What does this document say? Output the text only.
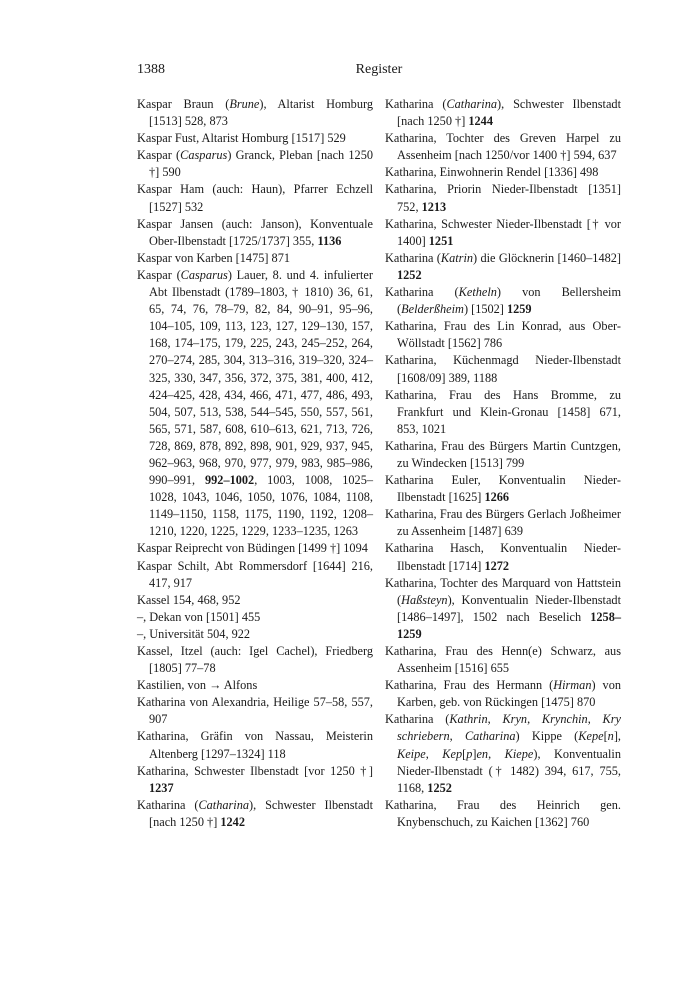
1388	Register
Kaspar Braun (Brune), Altarist Homburg [1513] 528, 873
Kaspar Fust, Altarist Homburg [1517] 529
Kaspar (Casparus) Granck, Pleban [nach 1250 †] 590
Kaspar Ham (auch: Haun), Pfarrer Echzell [1527] 532
Kaspar Jansen (auch: Janson), Konventuale Ober-Ilbenstadt [1725/1737] 355, 1136
Kaspar von Karben [1475] 871
Kaspar (Casparus) Lauer, 8. und 4. infulierter Abt Ilbenstadt (1789–1803, † 1810) 36, 61, 65, 74, 76, 78–79, 82, 84, 90–91, 95–96, 104–105, 109, 113, 123, 127, 129–130, 157, 168, 174–175, 179, 225, 243, 245–252, 264, 270–274, 285, 304, 313–316, 319–320, 324–325, 330, 347, 356, 372, 375, 381, 400, 412, 424–425, 428, 434, 466, 471, 477, 486, 493, 504, 507, 513, 538, 544–545, 550, 557, 561, 565, 571, 587, 608, 610–613, 621, 713, 726, 728, 869, 878, 892, 898, 901, 929, 937, 945, 962–963, 968, 970, 977, 979, 983, 985–986, 990–991, 992–1002, 1003, 1008, 1025–1028, 1043, 1046, 1050, 1076, 1084, 1108, 1149–1150, 1158, 1175, 1190, 1192, 1208–1210, 1220, 1225, 1229, 1233–1235, 1263
Kaspar Reiprecht von Büdingen [1499 †] 1094
Kaspar Schilt, Abt Rommersdorf [1644] 216, 417, 917
Kassel 154, 468, 952
–, Dekan von [1501] 455
–, Universität 504, 922
Kassel, Itzel (auch: Igel Cachel), Friedberg [1805] 77–78
Kastilien, von → Alfons
Katharina von Alexandria, Heilige 57–58, 557, 907
Katharina, Gräfin von Nassau, Meisterin Altenberg [1297–1324] 118
Katharina, Schwester Ilbenstadt [vor 1250 †] 1237
Katharina (Catharina), Schwester Ilbenstadt [nach 1250 †] 1242
Katharina (Catharina), Schwester Ilbenstadt [nach 1250 †] 1244
Katharina, Tochter des Greven Harpel zu Assenheim [nach 1250/vor 1400 †] 594, 637
Katharina, Einwohnerin Rendel [1336] 498
Katharina, Priorin Nieder-Ilbenstadt [1351] 752, 1213
Katharina, Schwester Nieder-Ilbenstadt [† vor 1400] 1251
Katharina (Katrin) die Glöcknerin [1460–1482] 1252
Katharina (Ketheln) von Bellersheim (Belderßheim) [1502] 1259
Katharina, Frau des Lin Konrad, aus Ober-Wöllstadt [1562] 786
Katharina, Küchenmagd Nieder-Ilbenstadt [1608/09] 389, 1188
Katharina, Frau des Hans Bromme, zu Frankfurt und Klein-Gronau [1458] 671, 853, 1021
Katharina, Frau des Bürgers Martin Cuntzgen, zu Windecken [1513] 799
Katharina Euler, Konventualin Nieder-Ilbenstadt [1625] 1266
Katharina, Frau des Bürgers Gerlach Joßheimer zu Assenheim [1487] 639
Katharina Hasch, Konventualin Nieder-Ilbenstadt [1714] 1272
Katharina, Tochter des Marquard von Hattstein (Haßsteyn), Konventualin Nieder-Ilbenstadt [1486–1497], 1502 nach Beselich 1258–1259
Katharina, Frau des Henn(e) Schwarz, aus Assenheim [1516] 655
Katharina, Frau des Hermann (Hirman) von Karben, geb. von Rückingen [1475] 870
Katharina (Kathrin, Kryn, Krynchin, Kry schriebern, Catharina) Kippe (Kepe[n], Keipe, Kep[p]en, Kiepe), Konventualin Nieder-Ilbenstadt († 1482) 394, 617, 755, 1168, 1252
Katharina, Frau des Heinrich gen. Knybenschuch, zu Kaichen [1362] 760
